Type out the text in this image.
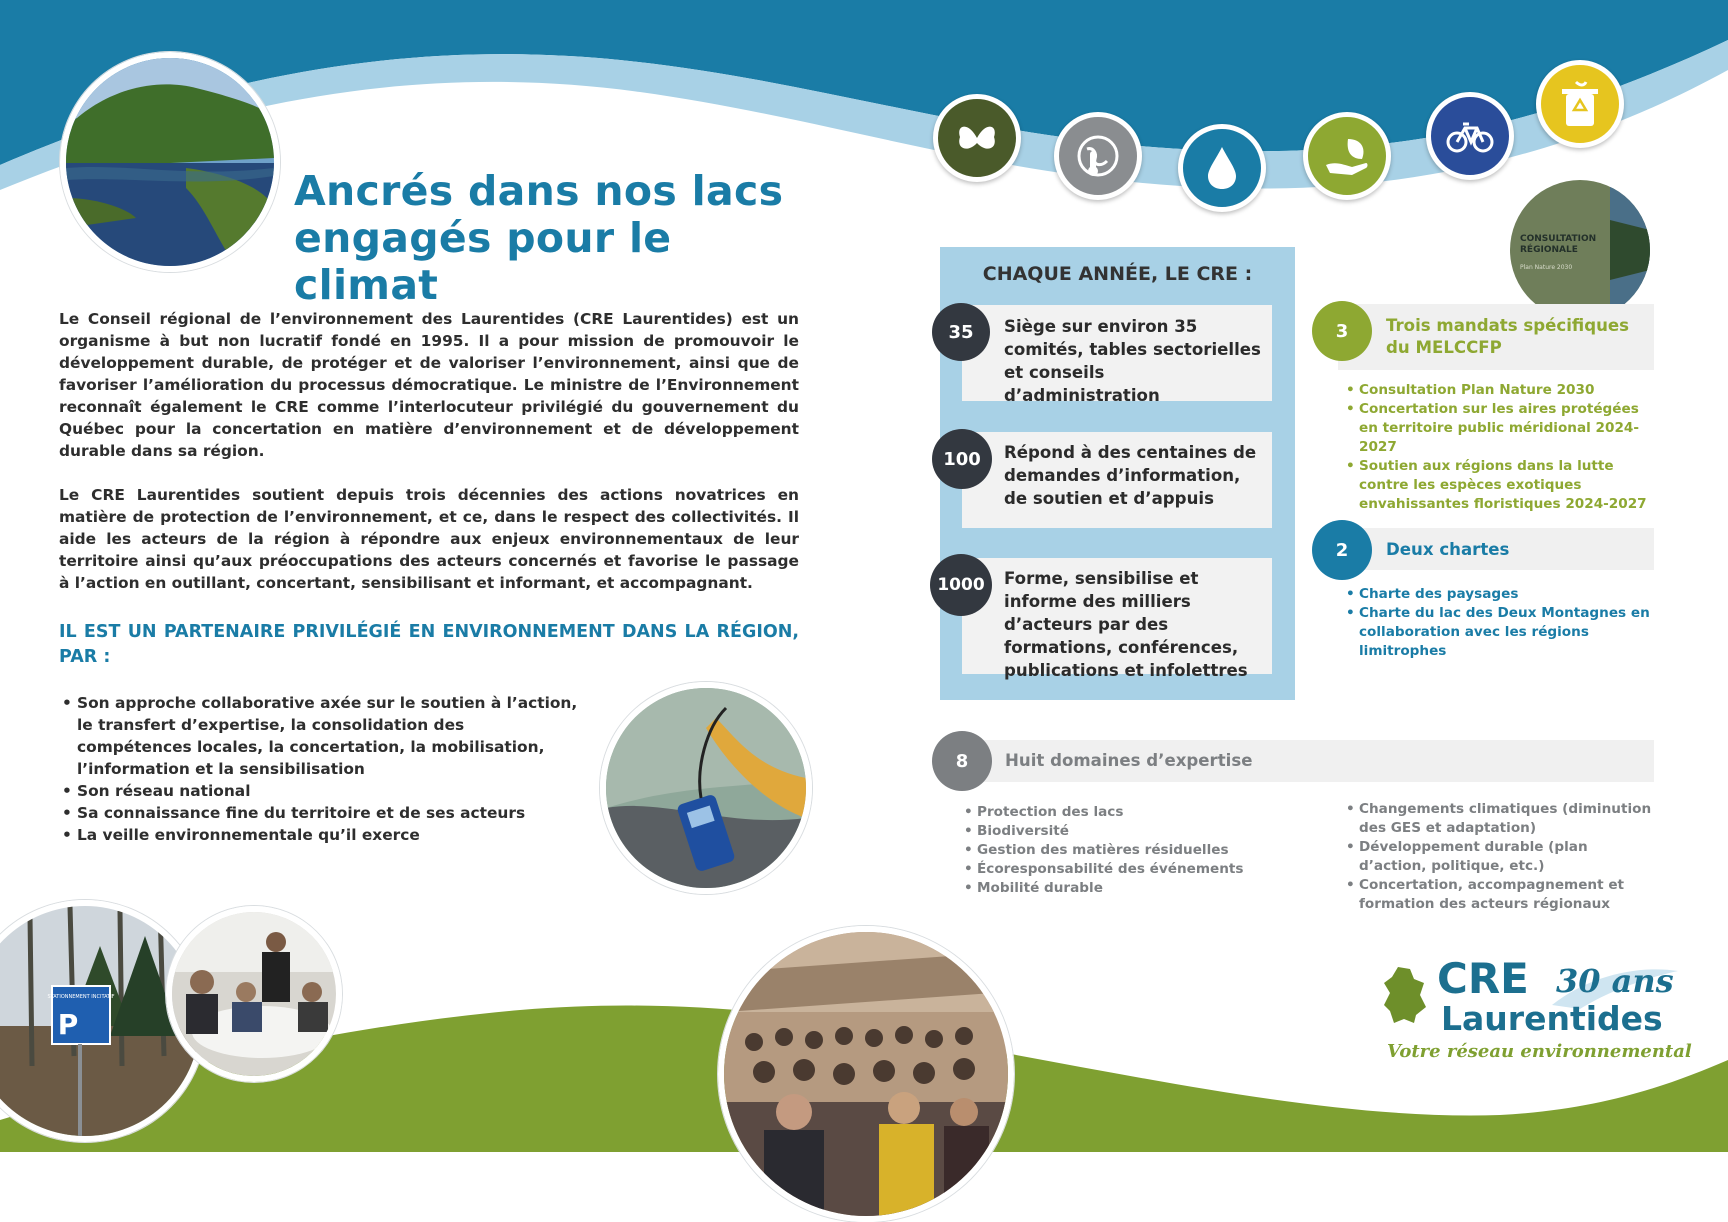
Ancrés dans nos lacs
engagés pour le climat
Le Conseil régional de l’environnement des Laurentides (CRE Laurentides) est un organisme à but non lucratif fondé en 1995. Il a pour mission de promouvoir le développement durable, de protéger et de valoriser l’environnement, ainsi que de favoriser l’amélioration du processus démocratique. Le ministre de l’Environnement reconnaît également le CRE comme l’interlocuteur privilégié du gouvernement du Québec pour la concertation en matière d’environnement et de développement durable dans sa région.
Le CRE Laurentides soutient depuis trois décennies des actions novatrices en matière de protection de l’environnement, et ce, dans le respect des collectivités. Il aide les acteurs de la région à répondre aux enjeux environnementaux de leur territoire ainsi qu’aux préoccupations des acteurs concernés et favorise le passage à l’action en outillant, concertant, sensibilisant et informant, et accompagnant.
IL EST UN PARTENAIRE PRIVILÉGIÉ EN ENVIRONNEMENT DANS LA RÉGION, PAR :
• Son approche collaborative axée sur le soutien à l’action, le transfert d’expertise, la consolidation des compétences locales, la concertation, la mobilisation, l’information et la sensibilisation
• Son réseau national
• Sa connaissance fine du territoire et de ses acteurs
• La veille environnementale qu’il exerce
STATIONNEMENT INCITATIF
P
CONSULTATION
RÉGIONALE
Plan Nature 2030
CHAQUE ANNÉE, LE CRE :
35	Siège sur environ 35 comités, tables sectorielles et conseils d’administration
100	Répond à des centaines de demandes d’information, de soutien et d’appuis
1000	Forme, sensibilise et informe des milliers d’acteurs par des formations, conférences, publications et infolettres
3	Trois mandats spécifiques du MELCCFP
• Consultation Plan Nature 2030
• Concertation sur les aires protégées en territoire public méridional 2024-2027
• Soutien aux régions dans la lutte contre les espèces exotiques envahissantes floristiques 2024-2027
2	Deux chartes
• Charte des paysages
• Charte du lac des Deux Montagnes en collaboration avec les régions limitrophes
8	Huit domaines d’expertise
• Protection des lacs
• Biodiversité
• Gestion des matières résiduelles
• Écoresponsabilité des événements
• Mobilité durable
• Changements climatiques (diminution des GES et adaptation)
• Développement durable (plan d’action, politique, etc.)
• Concertation, accompagnement et formation des acteurs régionaux
CRE 30 ans
Laurentides
Votre réseau environnemental
